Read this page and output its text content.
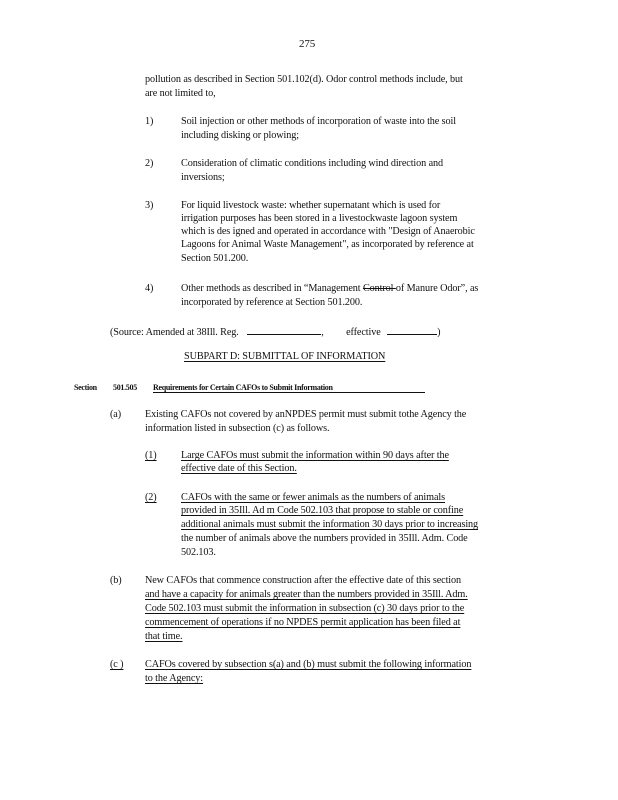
275
pollution as described in Section 501.102(d). Odor control methods include, but
are not limited to,
1)	Soil injection or other methods of incorporation of waste into the soil
including disking or plowing;
2)	Consideration of climatic conditions including wind direction and
inversions;
3)	For liquid livestock waste: whether supernatant which is used for
irrigation purposes has been stored in a livestockwaste lagoon system
which is des igned and operated in accordance with "Design of Anaerobic
Lagoons for Animal Waste Management", as incorporated by reference at
Section 501.200.
4)	Other methods as described in “Management Control of Manure Odor”, as
incorporated by reference at Section 501.200.
(Source: Amended at 38Ill. Reg.	, effective	)
SUBPART D: SUBMITTAL OF INFORMATION
Section 501.505 Requirements for Certain CAFOs to Submit Information
(a) Existing CAFOs not covered by anNPDES permit must submit tothe Agency the
information listed in subsection (c) as follows.
(1) Large CAFOs must submit the information within 90 days after the
effective date of this Section.
(2) CAFOs with the same or fewer animals as the numbers of animals
provided in 35Ill. Ad m Code 502.103 that propose to stable or confine
additional animals must submit the information 30 days prior to increasing
the number of animals above the numbers provided in 35Ill. Adm. Code
502.103.
(b) New CAFOs that commence construction after the effective date of this section
and have a capacity for animals greater than the numbers provided in 35Ill. Adm.
Code 502.103 must submit the information in subsection (c) 30 days prior to the
commencement of operations if no NPDES permit application has been filed at
that time.
(c ) CAFOs covered by subsection s(a) and (b) must submit the following information
to the Agency:
